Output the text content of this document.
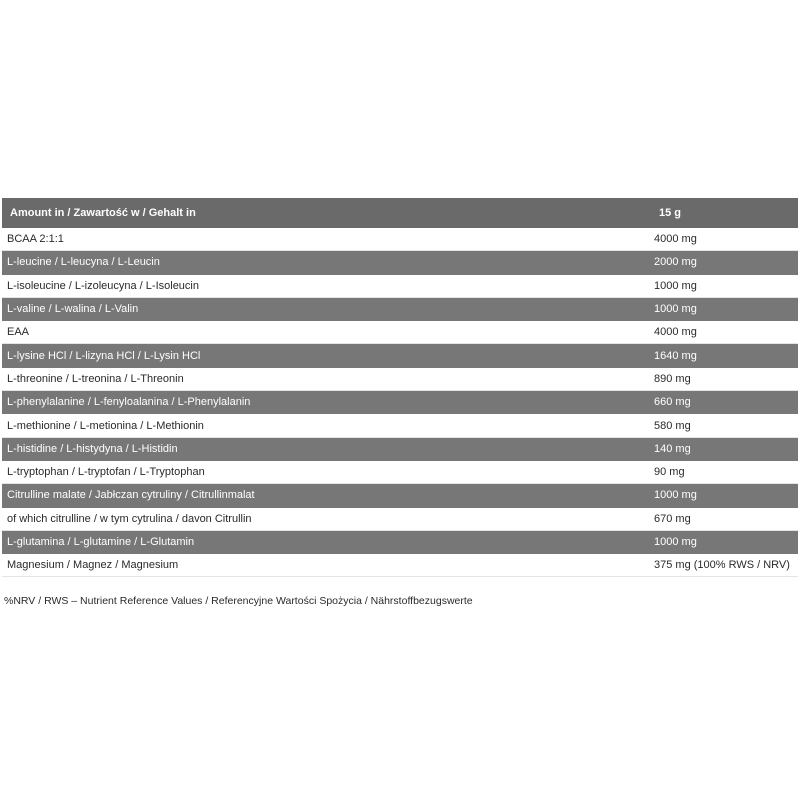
Amount in / Zawartość w / Gehalt in	15 g
BCAA 2:1:1	4000 mg
L-leucine / L-leucyna / L-Leucin	2000 mg
L-isoleucine / L-izoleucyna / L-Isoleucin	1000 mg
L-valine / L-walina / L-Valin	1000 mg
EAA	4000 mg
L-lysine HCl / L-lizyna HCl / L-Lysin HCl	1640 mg
L-threonine / L-treonina / L-Threonin	890 mg
L-phenylalanine / L-fenyloalanina / L-Phenylalanin	660 mg
L-methionine / L-metionina / L-Methionin	580 mg
L-histidine / L-histydyna / L-Histidin	140 mg
L-tryptophan / L-tryptofan / L-Tryptophan	90 mg
Citrulline malate / Jabłczan cytruliny / Citrullinmalat	1000 mg
of which citrulline / w tym cytrulina / davon Citrullin	670 mg
L-glutamina / L-glutamine / L-Glutamin	1000 mg
Magnesium / Magnez / Magnesium	375 mg (100% RWS / NRV)
%NRV / RWS – Nutrient Reference Values / Referencyjne Wartości Spożycia / Nährstoffbezugswerte
